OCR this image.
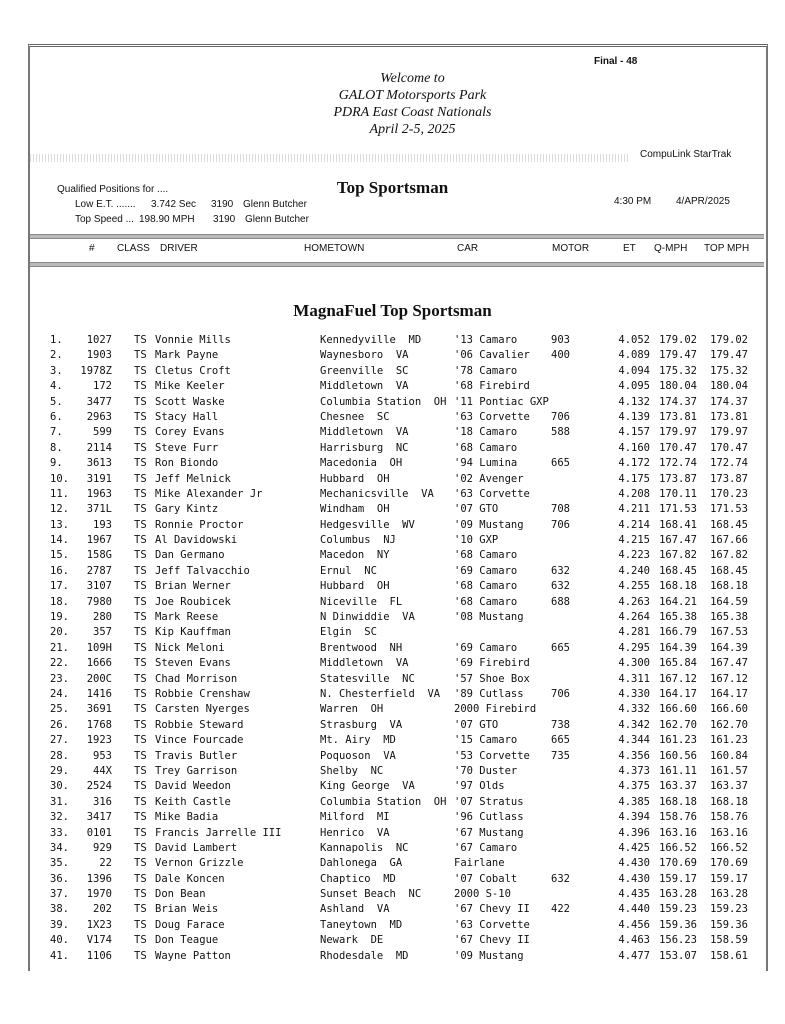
Final - 48
Welcome to
GALOT Motorsports Park
PDRA East Coast Nationals
April 2-5, 2025
CompuLink StarTrak
Qualified Positions for ....
Low E.T. ....... 3.742 Sec 3190 Glenn Butcher
Top Speed ... 198.90 MPH 3190 Glenn Butcher
Top Sportsman
4:30 PM 4/APR/2025
# CLASS DRIVER	HOMETOWN	CAR	MOTOR	ET Q-MPH TOP MPH
MagnaFuel Top Sportsman
1.	1027 TS Vonnie Mills	Kennedyville  MD	'13 Camaro	903	4.052 179.02	179.02
2.	1903 TS Mark Payne	Waynesboro  VA	'06 Cavalier 400	4.089 179.47	179.47
3.	1978Z TS Cletus Croft	Greenville  SC	'78 Camaro	4.094 175.32	175.32
4.	172 TS Mike Keeler	Middletown  VA	'68 Firebird	4.095 180.04	180.04
5.	3477 TS Scott Waske	Columbia Station  OH '11 Pontiac GXP	4.132 174.37	174.37
6.	2963 TS Stacy Hall	Chesnee  SC	'63 Corvette 706	4.139 173.81	173.81
7.	599 TS Corey Evans	Middletown  VA	'18 Camaro	588	4.157 179.97	179.97
8.	2114 TS Steve Furr	Harrisburg  NC	'68 Camaro	4.160 170.47	170.47
9.	3613 TS Ron Biondo	Macedonia  OH	'94 Lumina	665	4.172 172.74	172.74
10.	3191 TS Jeff Melnick	Hubbard  OH	'02 Avenger	4.175 173.87	173.87
11.	1963 TS Mike Alexander Jr	Mechanicsville  VA '63 Corvette	4.208 170.11	170.23
12.	371L TS Gary Kintz	Windham  OH	'07 GTO	708	4.211 171.53	171.53
13.	193 TS Ronnie Proctor	Hedgesville  WV	'09 Mustang	706	4.214 168.41	168.45
14.	1967 TS Al Davidowski	Columbus  NJ	'10 GXP	4.215 167.47	167.66
15.	158G TS Dan Germano	Macedon  NY	'68 Camaro	4.223 167.82	167.82
16.	2787 TS Jeff Talvacchio	Ernul  NC	'69 Camaro	632	4.240 168.45	168.45
17.	3107 TS Brian Werner	Hubbard  OH	'68 Camaro	632	4.255 168.18	168.18
18.	7980 TS Joe Roubicek	Niceville  FL	'68 Camaro	688	4.263 164.21	164.59
19.	280 TS Mark Reese	N Dinwiddie  VA	'08 Mustang	4.264 165.38	165.38
20.	357 TS Kip Kauffman	Elgin  SC	4.281 166.79	167.53
21.	109H TS Nick Meloni	Brentwood  NH	'69 Camaro	665	4.295 164.39	164.39
22.	1666 TS Steven Evans	Middletown  VA	'69 Firebird	4.300 165.84	167.47
23.	200C TS Chad Morrison	Statesville  NC	'57 Shoe Box	4.311 167.12	167.12
24.	1416 TS Robbie Crenshaw	N. Chesterfield  VA '89 Cutlass	706	4.330 164.17	164.17
25.	3691 TS Carsten Nyerges	Warren  OH	2000 Firebird	4.332 166.60	166.60
26.	1768 TS Robbie Steward	Strasburg  VA	'07 GTO	738	4.342 162.70	162.70
27.	1923 TS Vince Fourcade	Mt. Airy  MD	'15 Camaro	665	4.344 161.23	161.23
28.	953 TS Travis Butler	Poquoson  VA	'53 Corvette 735	4.356 160.56	160.84
29.	44X TS Trey Garrison	Shelby  NC	'70 Duster	4.373 161.11	161.57
30.	2524 TS David Weedon	King George  VA	'97 Olds	4.375 163.37	163.37
31.	316 TS Keith Castle	Columbia Station  OH '07 Stratus	4.385 168.18	168.18
32.	3417 TS Mike Badia	Milford  MI	'96 Cutlass	4.394 158.76	158.76
33.	0101 TS Francis Jarrelle III	Henrico  VA	'67 Mustang	4.396 163.16	163.16
34.	929 TS David Lambert	Kannapolis  NC	'67 Camaro	4.425 166.52	166.52
35.	22 TS Vernon Grizzle	Dahlonega  GA	Fairlane	4.430 170.69	170.69
36.	1396 TS Dale Koncen	Chaptico  MD	'07 Cobalt	632	4.430 159.17	159.17
37.	1970 TS Don Bean	Sunset Beach  NC	2000 S-10	4.435 163.28	163.28
38.	202 TS Brian Weis	Ashland  VA	'67 Chevy II 422	4.440 159.23	159.23
39.	1X23 TS Doug Farace	Taneytown  MD	'63 Corvette	4.456 159.36	159.36
40.	V174 TS Don Teague	Newark  DE	'67 Chevy II	4.463 156.23	158.59
41.	1106 TS Wayne Patton	Rhodesdale  MD	'09 Mustang	4.477 153.07	158.61
